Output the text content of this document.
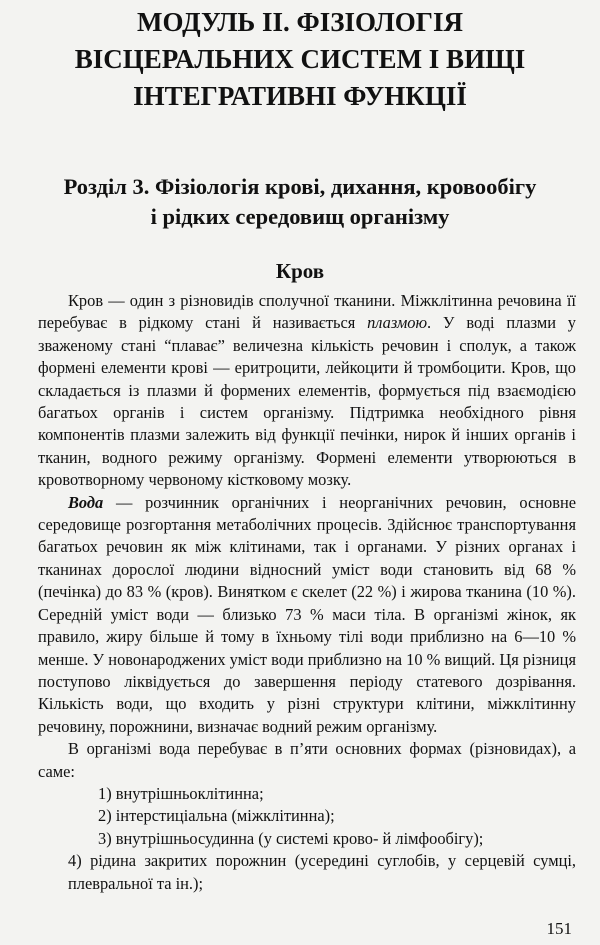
МОДУЛЬ ІІ. ФІЗІОЛОГІЯ
ВІСЦЕРАЛЬНИХ СИСТЕМ І ВИЩІ
ІНТЕГРАТИВНІ ФУНКЦІЇ
Розділ 3. Фізіологія крові, дихання, кровообігу
і рідких середовищ організму
Кров

Кров — один з різновидів сполучної тканини. Міжклітинна речовина її перебуває в рідкому стані й називається плазмою. У воді плазми у зваженому стані “плаває” величезна кількість речовин і сполук, а також формені елементи крові — еритроцити, лейкоцити й тромбоцити. Кров, що складається із плазми й формених елементів, формується під взаємодією багатьох органів і систем організму. Підтримка необхідного рівня компонентів плазми залежить від функції печінки, нирок й інших органів і тканин, водного режиму організму. Формені елементи утворюються в кровотворному червоному кістковому мозку.

Вода — розчинник органічних і неорганічних речовин, основне середовище розгортання метаболічних процесів. Здійснює транспортування багатьох речовин як між клітинами, так і органами. У різних органах і тканинах дорослої людини відносний уміст води становить від 68 % (печінка) до 83 % (кров). Винятком є скелет (22 %) і жирова тканина (10 %). Середній уміст води — близько 73 % маси тіла. В організмі жінок, як правило, жиру більше й тому в їхньому тілі води приблизно на 6—10 % менше. У новонароджених уміст води приблизно на 10 % вищий. Ця різниця поступово ліквідується до завершення періоду статевого дозрівання. Кількість води, що входить у різні структури клітини, міжклітинну речовину, порожнини, визначає водний режим організму.

В організмі вода перебуває в п’яти основних формах (різновидах), а саме:

1) внутрішньоклітинна;

2) інтерстиціальна (міжклітинна);

3) внутрішньосудинна (у системі крово- й лімфообігу);

4) рідина закритих порожнин (усередині суглобів, у серцевій сумці, плевральної та ін.);

151
